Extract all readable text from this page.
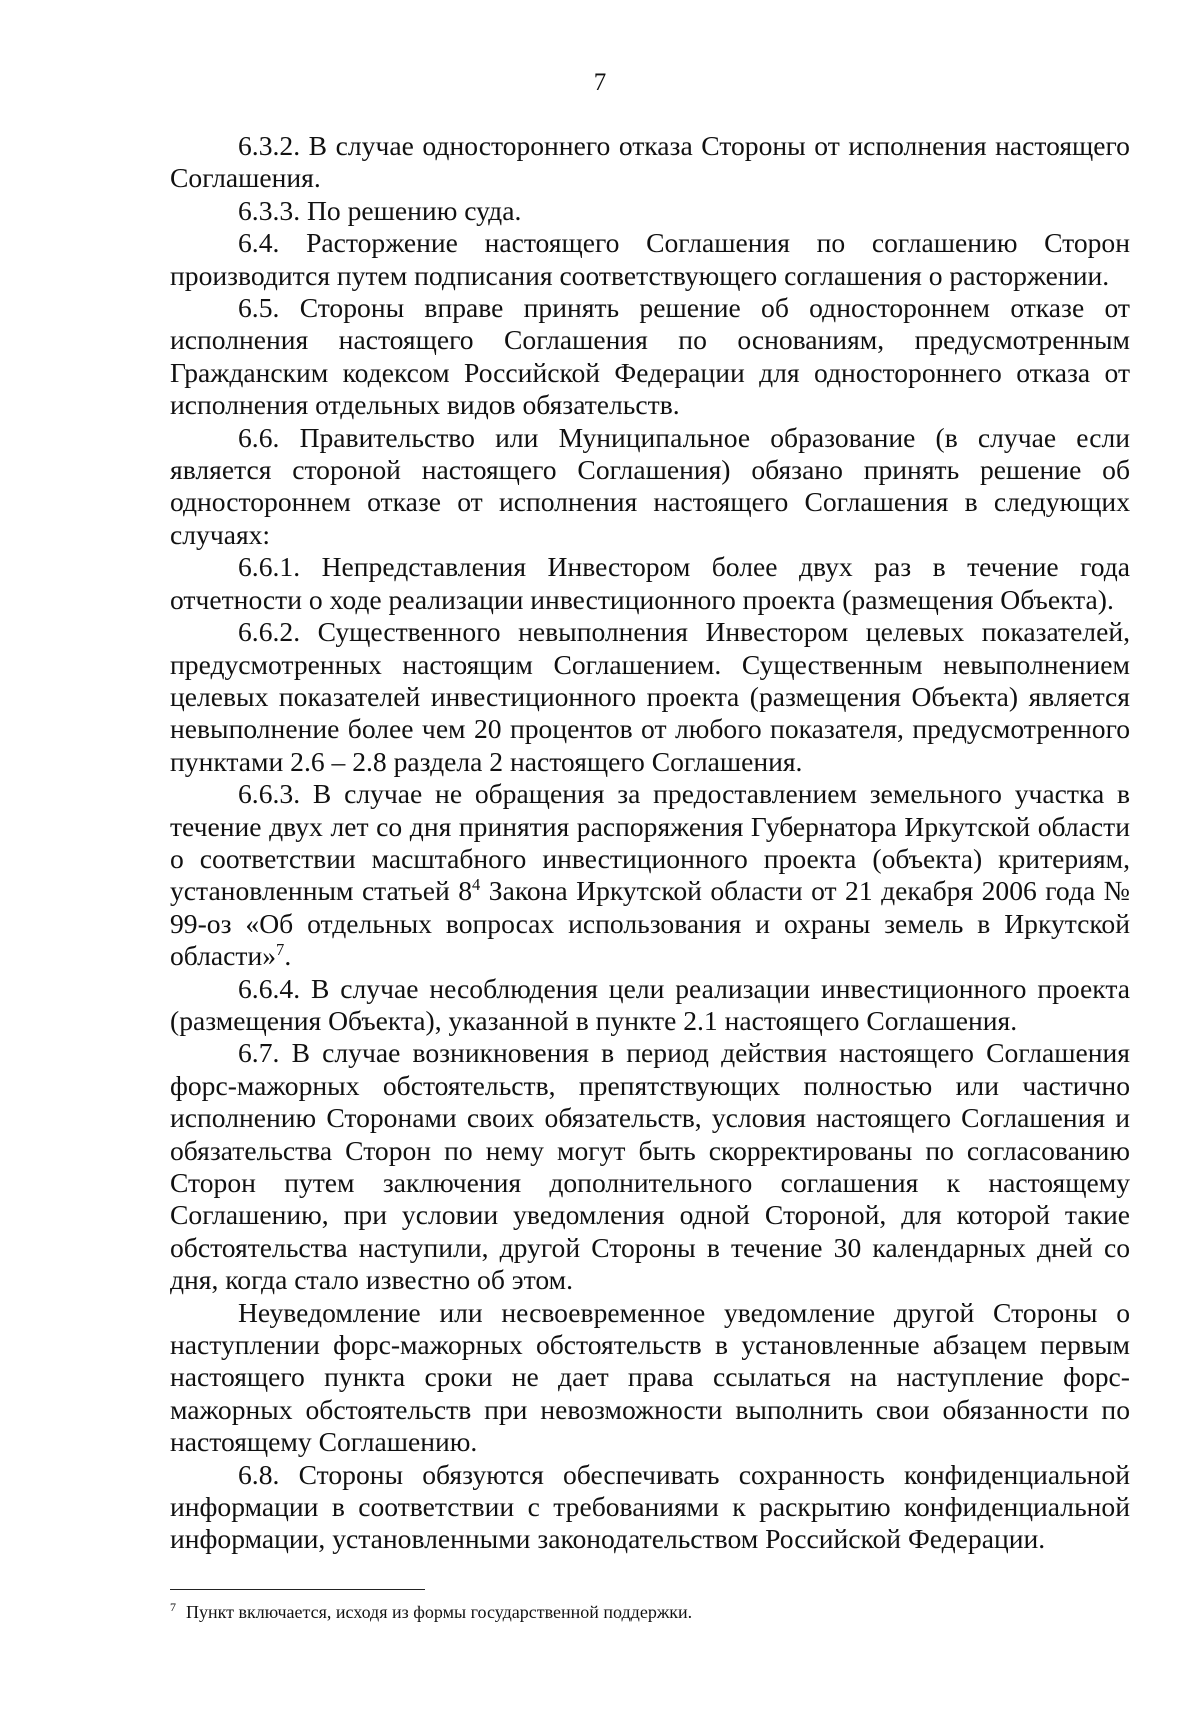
7

6.3.2. В случае одностороннего отказа Стороны от исполнения настоящего Соглашения.

6.3.3. По решению суда.

6.4. Расторжение настоящего Соглашения по соглашению Сторон производится путем подписания соответствующего соглашения о расторжении.

6.5. Стороны вправе принять решение об одностороннем отказе от исполнения настоящего Соглашения по основаниям, предусмотренным Гражданским кодексом Российской Федерации для одностороннего отказа от исполнения отдельных видов обязательств.

6.6. Правительство или Муниципальное образование (в случае если является стороной настоящего Соглашения) обязано принять решение об одностороннем отказе от исполнения настоящего Соглашения в следующих случаях:

6.6.1. Непредставления Инвестором более двух раз в течение года отчетности о ходе реализации инвестиционного проекта (размещения Объекта).

6.6.2. Существенного невыполнения Инвестором целевых показателей, предусмотренных настоящим Соглашением. Существенным невыполнением целевых показателей инвестиционного проекта (размещения Объекта) является невыполнение более чем 20 процентов от любого показателя, предусмотренного пунктами 2.6 – 2.8 раздела 2 настоящего Соглашения.

6.6.3. В случае не обращения за предоставлением земельного участка в течение двух лет со дня принятия распоряжения Губернатора Иркутской области о соответствии масштабного инвестиционного проекта (объекта) критериям, установленным статьей $8^4$ Закона Иркутской области от 21 декабря 2006 года № 99-оз «Об отдельных вопросах использования и охраны земель в Иркутской области»$^7$.

6.6.4. В случае несоблюдения цели реализации инвестиционного проекта (размещения Объекта), указанной в пункте 2.1 настоящего Соглашения.

6.7. В случае возникновения в период действия настоящего Соглашения форс-мажорных обстоятельств, препятствующих полностью или частично исполнению Сторонами своих обязательств, условия настоящего Соглашения и обязательства Сторон по нему могут быть скорректированы по согласованию Сторон путем заключения дополнительного соглашения к настоящему Соглашению, при условии уведомления одной Стороной, для которой такие обстоятельства наступили, другой Стороны в течение 30 календарных дней со дня, когда стало известно об этом.

Неуведомление или несвоевременное уведомление другой Стороны о наступлении форс-мажорных обстоятельств в установленные абзацем первым настоящего пункта сроки не дает права ссылаться на наступление форс-мажорных обстоятельств при невозможности выполнить свои обязанности по настоящему Соглашению.

6.8. Стороны обязуются обеспечивать сохранность конфиденциальной информации в соответствии с требованиями к раскрытию конфиденциальной информации, установленными законодательством Российской Федерации.

$^7$ Пункт включается, исходя из формы государственной поддержки.
